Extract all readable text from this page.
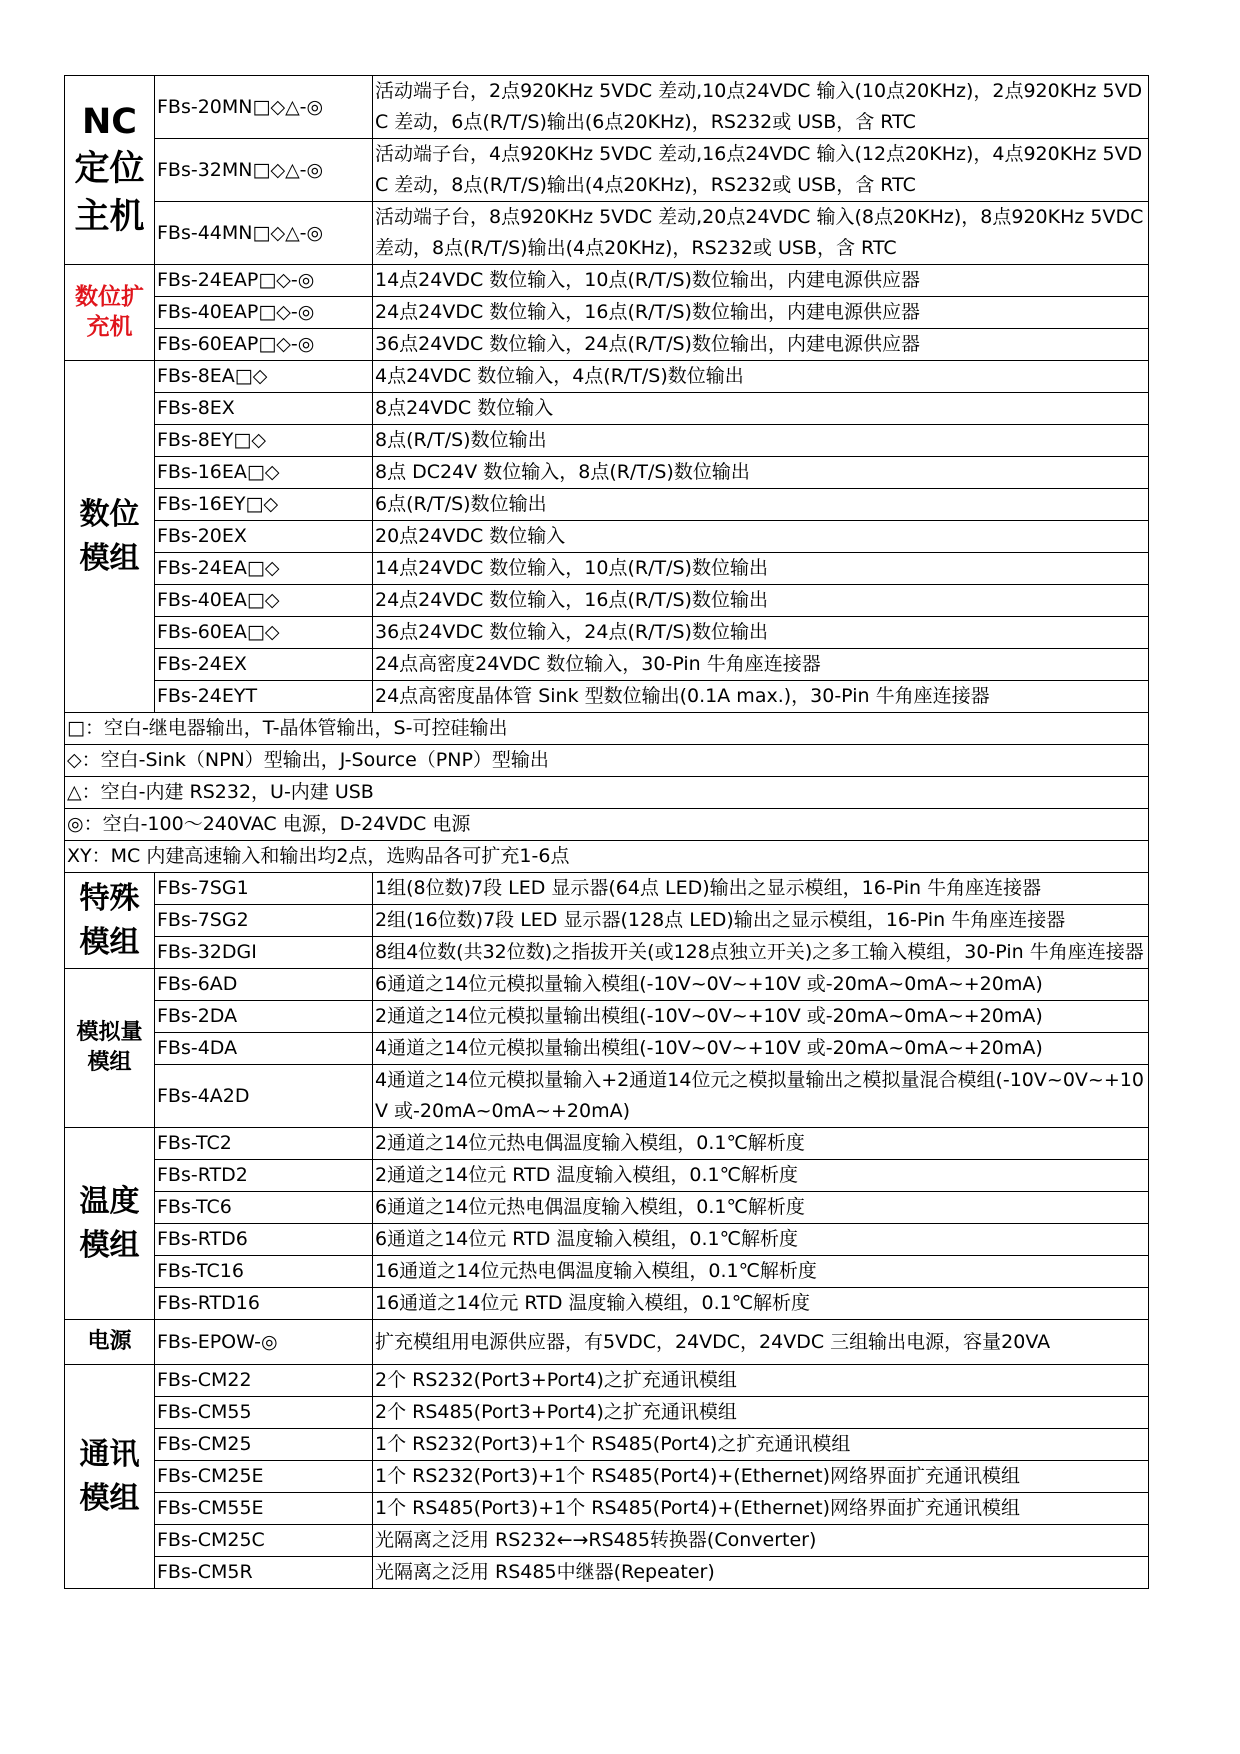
NC
定位
主机	FBs-20MN□◇△-◎	活动端子台，2点920KHz 5VDC 差动,10点24VDC 输入(10点20KHz)，2点920KHz 5VDC 差动，6点(R/T/S)输出(6点20KHz)，RS232或 USB，含 RTC
	FBs-32MN□◇△-◎	活动端子台，4点920KHz 5VDC 差动,16点24VDC 输入(12点20KHz)，4点920KHz 5VDC 差动，8点(R/T/S)输出(4点20KHz)，RS232或 USB，含 RTC
	FBs-44MN□◇△-◎	活动端子台，8点920KHz 5VDC 差动,20点24VDC 输入(8点20KHz)，8点920KHz 5VDC 差动，8点(R/T/S)输出(4点20KHz)，RS232或 USB，含 RTC
数位扩
充机	FBs-24EAP□◇-◎	14点24VDC 数位输入，10点(R/T/S)数位输出，内建电源供应器
	FBs-40EAP□◇-◎	24点24VDC 数位输入，16点(R/T/S)数位输出，内建电源供应器
	FBs-60EAP□◇-◎	36点24VDC 数位输入，24点(R/T/S)数位输出，内建电源供应器
数位
模组	FBs-8EA□◇	4点24VDC 数位输入，4点(R/T/S)数位输出
	FBs-8EX	8点24VDC 数位输入
	FBs-8EY□◇	8点(R/T/S)数位输出
	FBs-16EA□◇	8点 DC24V 数位输入，8点(R/T/S)数位输出
	FBs-16EY□◇	6点(R/T/S)数位输出
	FBs-20EX	20点24VDC 数位输入
	FBs-24EA□◇	14点24VDC 数位输入，10点(R/T/S)数位输出
	FBs-40EA□◇	24点24VDC 数位输入，16点(R/T/S)数位输出
	FBs-60EA□◇	36点24VDC 数位输入，24点(R/T/S)数位输出
	FBs-24EX	24点高密度24VDC 数位输入，30-Pin 牛角座连接器
	FBs-24EYT	24点高密度晶体管 Sink 型数位输出(0.1A max.)，30-Pin 牛角座连接器
□：空白-继电器输出，T-晶体管输出，S-可控硅输出		
◇：空白-Sink（NPN）型输出，J-Source（PNP）型输出		
△：空白-内建 RS232，U-内建 USB		
◎：空白-100～240VAC 电源，D-24VDC 电源		
XY：MC 内建高速输入和输出均2点，选购品各可扩充1-6点		
特殊
模组	FBs-7SG1	1组(8位数)7段 LED 显示器(64点 LED)输出之显示模组，16-Pin 牛角座连接器
	FBs-7SG2	2组(16位数)7段 LED 显示器(128点 LED)输出之显示模组，16-Pin 牛角座连接器
	FBs-32DGI	8组4位数(共32位数)之指拔开关(或128点独立开关)之多工输入模组，30-Pin 牛角座连接器
模拟量
模组	FBs-6AD	6通道之14位元模拟量输入模组(-10V~0V~+10V 或-20mA~0mA~+20mA)
	FBs-2DA	2通道之14位元模拟量输出模组(-10V~0V~+10V 或-20mA~0mA~+20mA)
	FBs-4DA	4通道之14位元模拟量输出模组(-10V~0V~+10V 或-20mA~0mA~+20mA)
	FBs-4A2D	4通道之14位元模拟量输入+2通道14位元之模拟量输出之模拟量混合模组(-10V~0V~+10V 或-20mA~0mA~+20mA)
温度
模组	FBs-TC2	2通道之14位元热电偶温度输入模组，0.1℃解析度
	FBs-RTD2	2通道之14位元 RTD 温度输入模组，0.1℃解析度
	FBs-TC6	6通道之14位元热电偶温度输入模组，0.1℃解析度
	FBs-RTD6	6通道之14位元 RTD 温度输入模组，0.1℃解析度
	FBs-TC16	16通道之14位元热电偶温度输入模组，0.1℃解析度
	FBs-RTD16	16通道之14位元 RTD 温度输入模组，0.1℃解析度
电源	FBs-EPOW-◎	扩充模组用电源供应器，有5VDC，24VDC，24VDC 三组输出电源，容量20VA
通讯
模组	FBs-CM22	2个 RS232(Port3+Port4)之扩充通讯模组
	FBs-CM55	2个 RS485(Port3+Port4)之扩充通讯模组
	FBs-CM25	1个 RS232(Port3)+1个 RS485(Port4)之扩充通讯模组
	FBs-CM25E	1个 RS232(Port3)+1个 RS485(Port4)+(Ethernet)网络界面扩充通讯模组
	FBs-CM55E	1个 RS485(Port3)+1个 RS485(Port4)+(Ethernet)网络界面扩充通讯模组
	FBs-CM25C	光隔离之泛用 RS232←→RS485转换器(Converter)
	FBs-CM5R	光隔离之泛用 RS485中继器(Repeater)
